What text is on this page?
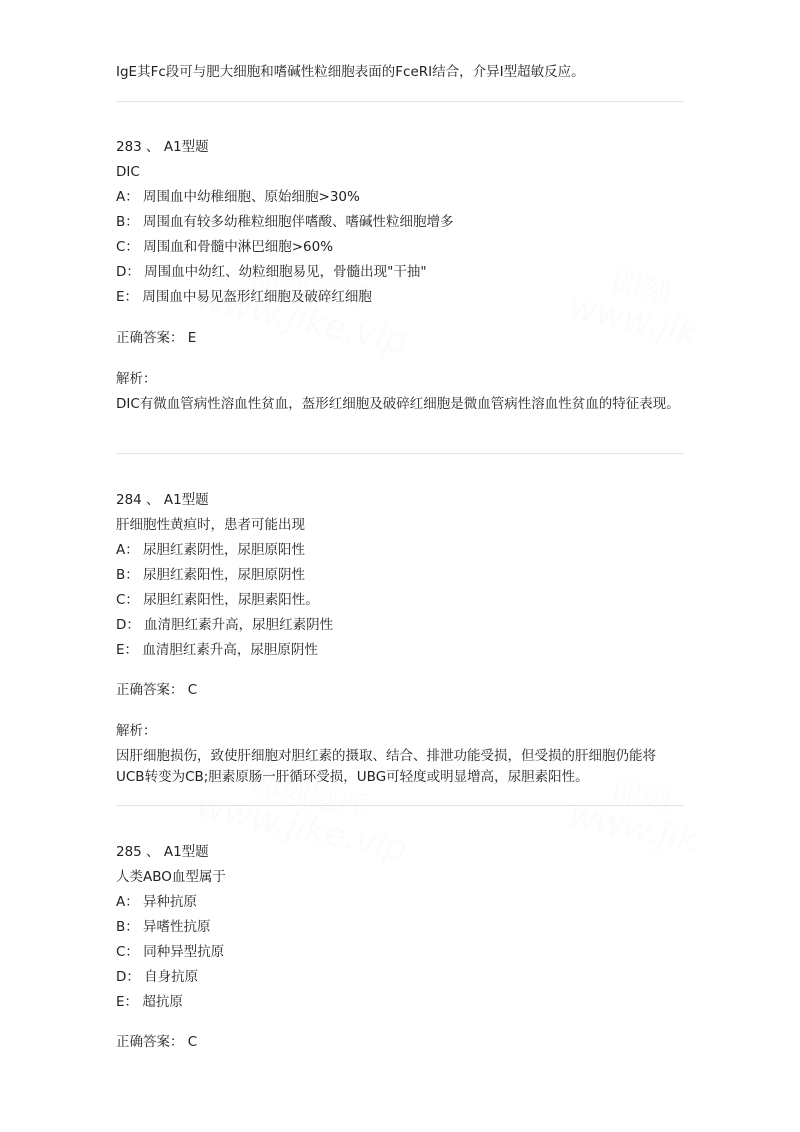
IgE其Fc段可与肥大细胞和嗜碱性粒细胞表面的FceRI结合，介异I型超敏反应。
283 、 A1型题
DIC
A： 周围血中幼稚细胞、原始细胞>30%
B： 周围血有较多幼稚粒细胞伴嗜酸、嗜碱性粒细胞增多
C： 周围血和骨髓中淋巴细胞>60%
D： 周围血中幼红、幼粒细胞易见，骨髓出现"干抽"
E： 周围血中易见盔形红细胞及破碎红细胞
正确答案： E
解析：
DIC有微血管病性溶血性贫血，盔形红细胞及破碎红细胞是微血管病性溶血性贫血的特征表现。
284 、 A1型题
肝细胞性黄疸时，患者可能出现
A： 尿胆红素阴性，尿胆原阳性
B： 尿胆红素阳性，尿胆原阴性
C： 尿胆红素阳性，尿胆素阳性。
D： 血清胆红素升高，尿胆红素阴性
E： 血清胆红素升高，尿胆原阴性
正确答案： C
解析：
因肝细胞损伤，致使肝细胞对胆红素的摄取、结合、排泄功能受损，但受损的肝细胞仍能将UCB转变为CB;胆素原肠一肝循环受损，UBG可轻度或明显增高，尿胆素阳性。
285 、 A1型题
人类ABO血型属于
A： 异种抗原
B： 异嗜性抗原
C： 同种异型抗原
D： 自身抗原
E： 超抗原
正确答案： C
